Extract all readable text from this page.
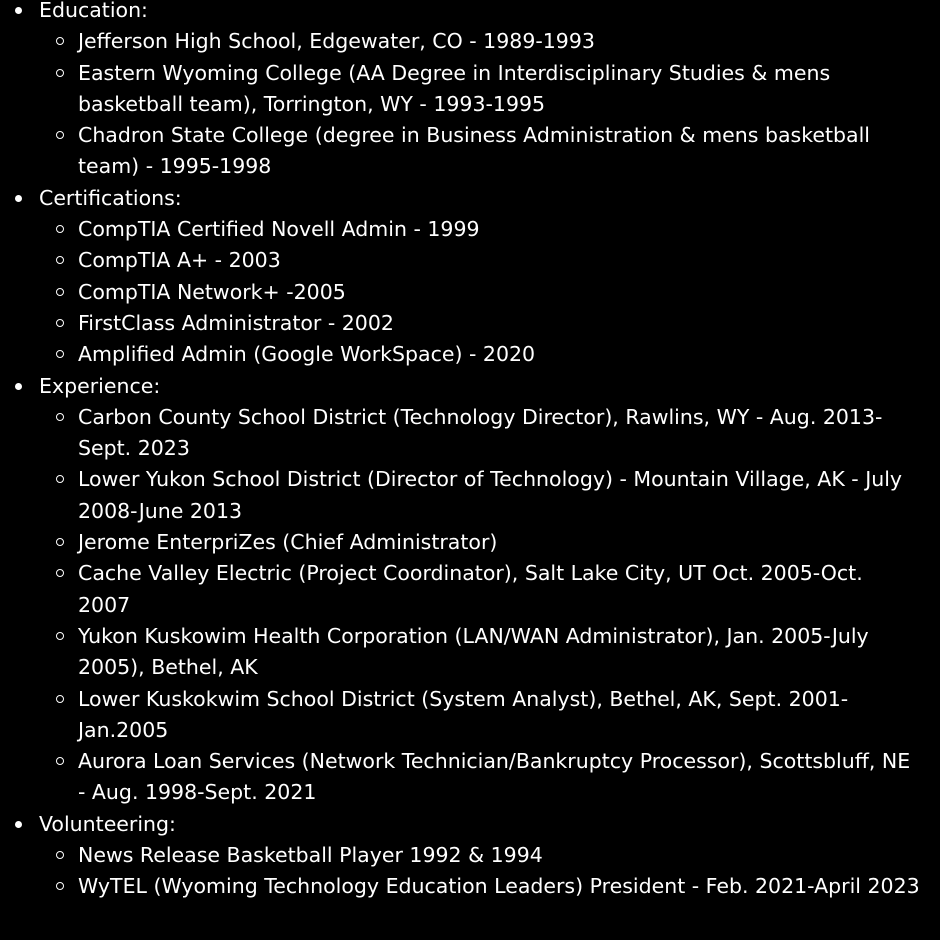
Education:
Jefferson High School, Edgewater, CO - 1989-1993
Eastern Wyoming College (AA Degree in Interdisciplinary Studies & mens basketball team), Torrington, WY - 1993-1995
Chadron State College (degree in Business Administration & mens basketball team) - 1995-1998
Certifications:
CompTIA Certified Novell Admin - 1999
CompTIA A+ - 2003
CompTIA Network+ -2005
FirstClass Administrator - 2002
Amplified Admin (Google WorkSpace) - 2020
Experience:
Carbon County School District (Technology Director), Rawlins, WY - Aug. 2013-Sept. 2023
Lower Yukon School District (Director of Technology) - Mountain Village, AK - July 2008-June 2013
Jerome EnterpriZes (Chief Administrator)
Cache Valley Electric (Project Coordinator), Salt Lake City, UT Oct. 2005-Oct. 2007
Yukon Kuskowim Health Corporation (LAN/WAN Administrator), Jan. 2005-July 2005), Bethel, AK
Lower Kuskokwim School District (System Analyst), Bethel, AK, Sept. 2001-Jan.2005
Aurora Loan Services (Network Technician/Bankruptcy Processor), Scottsbluff, NE - Aug. 1998-Sept. 2021
Volunteering:
News Release Basketball Player 1992 & 1994
WyTEL (Wyoming Technology Education Leaders) President - Feb. 2021-April 2023
